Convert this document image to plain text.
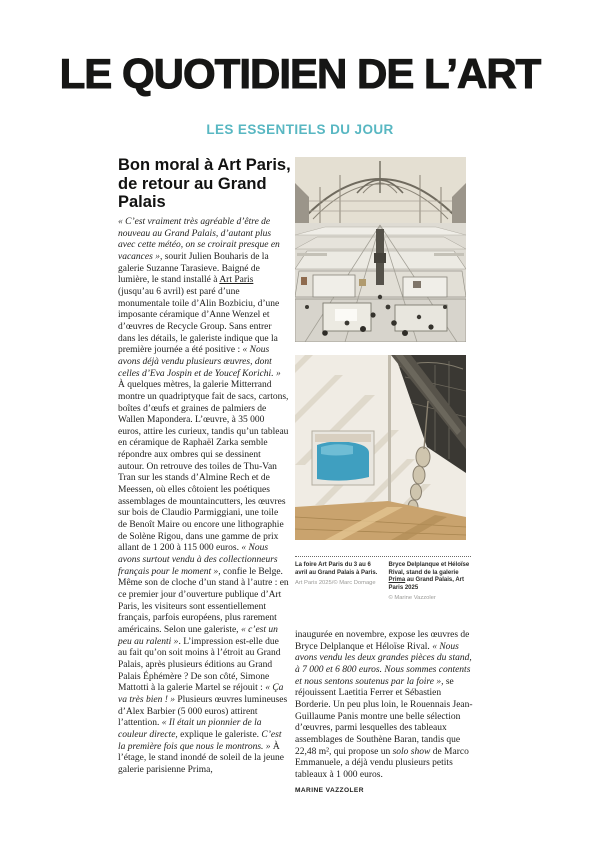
LE QUOTIDIEN DE L’ART
LES ESSENTIELS DU JOUR
Bon moral à Art Paris, de retour au Grand Palais

« C’est vraiment très agréable d’être de nouveau au Grand Palais, d’autant plus avec cette météo, on se croirait presque en vacances », sourit Julien Bouharis de la galerie Suzanne Tarasieve. Baigné de lumière, le stand installé à Art Paris (jusqu’au 6 avril) est paré d’une monumentale toile d’Alin Bozbiciu, d’une imposante céramique d’Anne Wenzel et d’œuvres de Recycle Group. Sans entrer dans les détails, le galeriste indique que la première journée a été positive : « Nous avons déjà vendu plusieurs œuvres, dont celles d’Eva Jospin et de Youcef Korichi. » À quelques mètres, la galerie Mitterrand montre un quadriptyque fait de sacs, cartons, boîtes d’œufs et graines de palmiers de Wallen Mapondera. L’œuvre, à 35 000 euros, attire les curieux, tandis qu’un tableau en céramique de Raphaël Zarka semble répondre aux ombres qui se dessinent autour. On retrouve des toiles de Thu-Van Tran sur les stands d’Almine Rech et de Meessen, où elles côtoient les poétiques assemblages de mountaincutters, les œuvres sur bois de Claudio Parmiggiani, une toile de Benoît Maire ou encore une lithographie de Solène Rigou, dans une gamme de prix allant de 1 200 à 115 000 euros. « Nous avons surtout vendu à des collectionneurs français pour le moment », confie le Belge. Même son de cloche d’un stand à l’autre : en ce premier jour d’ouverture publique d’Art Paris, les visiteurs sont essentiellement français, parfois européens, plus rarement américains. Selon une galeriste, « c’est un peu au ralenti ». L’impression est-elle due au fait qu’on soit moins à l’étroit au Grand Palais, après plusieurs éditions au Grand Palais Éphémère ? De son côté, Simone Mattotti à la galerie Martel se réjouit : « Ça va très bien ! » Plusieurs œuvres lumineuses d’Alex Barbier (5 000 euros) attirent l’attention. « Il était un pionnier de la couleur directe, explique le galeriste. C’est la première fois que nous le montrons. » À l’étage, le stand inondé de soleil de la jeune galerie parisienne Prima,

La foire Art Paris du 3 au 6 avril au Grand Palais à Paris.
Art Paris 2025/© Marc Domage
Bryce Delplanque et Héloïse Rival, stand de la galerie Prima au Grand Palais, Art Paris 2025
© Marine Vazzoler

inaugurée en novembre, expose les œuvres de Bryce Delplanque et Héloïse Rival. « Nous avons vendu les deux grandes pièces du stand, à 7 000 et 6 800 euros. Nous sommes contents et nous sentons soutenus par la foire », se réjouissent Laetitia Ferrer et Sébastien Borderie. Un peu plus loin, le Rouennais Jean-Guillaume Panis montre une belle sélection d’œuvres, parmi lesquelles des tableaux assemblages de Southène Baran, tandis que 22,48 m², qui propose un solo show de Marco Emmanuele, a déjà vendu plusieurs petits tableaux à 1 000 euros.

MARINE VAZZOLER
